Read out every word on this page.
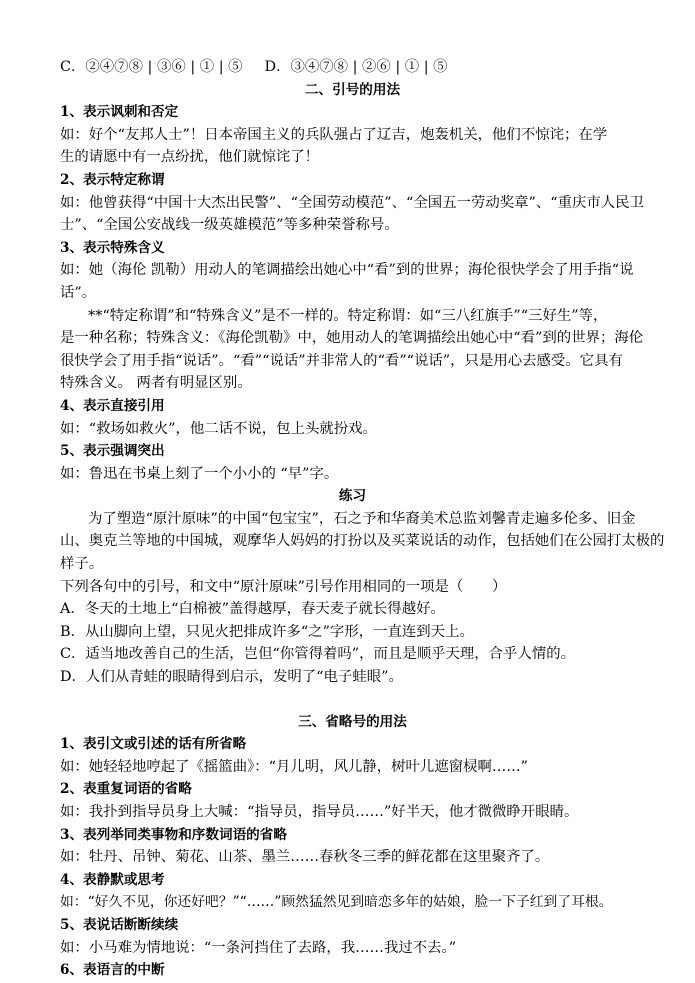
C．②④⑦⑧ | ③⑥ | ① | ⑤ D．③④⑦⑧ | ②⑥ | ① | ⑤
二、引号的用法
1、表示讽刺和否定
如：好个“友邦人士”！日本帝国主义的兵队强占了辽吉，炮轰机关，他们不惊诧；在学
生的请愿中有一点纷扰，他们就惊诧了！
2、表示特定称谓
如：他曾获得“中国十大杰出民警”、“全国劳动模范”、“全国五一劳动奖章”、“重庆市人民卫
士”、“全国公安战线一级英雄模范”等多种荣誉称号。
3、表示特殊含义
如：她（海伦 凯勒）用动人的笔调描绘出她心中“看”到的世界；海伦很快学会了用手指“说
话”。
**“特定称谓”和“特殊含义”是不一样的。特定称谓：如“三八红旗手”“三好生”等，
是一种名称；特殊含义：《海伦凯勒》中，她用动人的笔调描绘出她心中“看”到的世界；海伦
很快学会了用手指“说话”。“看”“说话”并非常人的“看”“说话”，只是用心去感受。它具有
特殊含义。 两者有明显区别。
4、表示直接引用
如：“救场如救火”，他二话不说，包上头就扮戏。
5、表示强调突出
如：鲁迅在书桌上刻了一个小小的 “早”字。
练习
为了塑造“原汁原味”的中国“包宝宝”，石之予和华裔美术总监刘馨青走遍多伦多、旧金
山、奥克兰等地的中国城，观摩华人妈妈的打扮以及买菜说话的动作，包括她们在公园打太极的
样子。
下列各句中的引号，和文中“原汁原味”引号作用相同的一项是（　　）
A．冬天的土地上“白棉被”盖得越厚，春天麦子就长得越好。
B．从山脚向上望，只见火把排成许多“之”字形，一直连到天上。
C．适当地改善自己的生活，岂但“你管得着吗”，而且是顺乎天理，合乎人情的。
D．人们从青蛙的眼睛得到启示，发明了“电子蛙眼”。
三、省略号的用法
1、表引文或引述的话有所省略
如：她轻轻地哼起了《摇篮曲》：“月儿明，风儿静，树叶儿遮窗棂啊……”
2、表重复词语的省略
如：我扑到指导员身上大喊：“指导员，指导员……”好半天，他才微微睁开眼睛。
3、表列举同类事物和序数词语的省略
如：牡丹、吊钟、菊花、山茶、墨兰……春秋冬三季的鲜花都在这里聚齐了。
4、表静默或思考
如：“好久不见，你还好吧？”“……”顾然猛然见到暗恋多年的姑娘，脸一下子红到了耳根。
5、表说话断断续续
如：小马难为情地说：“一条河挡住了去路，我……我过不去。”
6、表语言的中断
